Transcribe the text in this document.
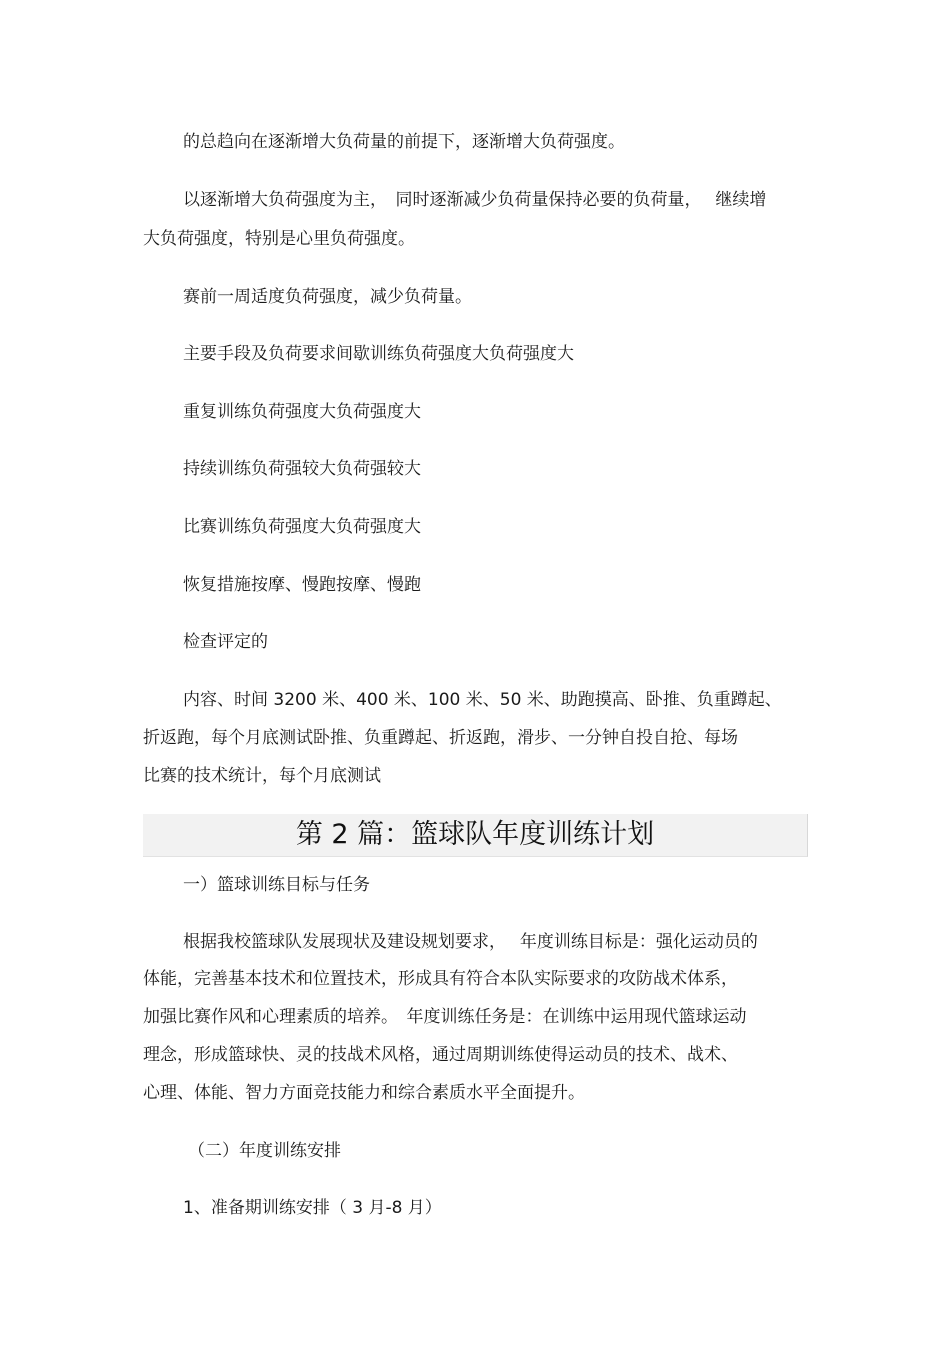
的总趋向在逐渐增大负荷量的前提下，逐渐增大负荷强度。
以逐渐增大负荷强度为主，　同时逐渐减少负荷量保持必要的负荷量，　 继续增
大负荷强度，特别是心里负荷强度。
赛前一周适度负荷强度，减少负荷量。
主要手段及负荷要求间歇训练负荷强度大负荷强度大
重复训练负荷强度大负荷强度大
持续训练负荷强较大负荷强较大
比赛训练负荷强度大负荷强度大
恢复措施按摩、慢跑按摩、慢跑
检查评定的
内容、时间 3200 米、400 米、100 米、50 米、助跑摸高、卧推、负重蹲起、
折返跑，每个月底测试卧推、负重蹲起、折返跑，滑步、一分钟自投自抢、每场
比赛的技术统计，每个月底测试
第 2 篇：篮球队年度训练计划
一）篮球训练目标与任务
根据我校篮球队发展现状及建设规划要求，　 年度训练目标是：强化运动员的
体能，完善基本技术和位置技术，形成具有符合本队实际要求的攻防战术体系，
加强比赛作风和心理素质的培养。　年度训练任务是：在训练中运用现代篮球运动
理念，形成篮球快、灵的技战术风格，通过周期训练使得运动员的技术、战术、
心理、体能、智力方面竞技能力和综合素质水平全面提升。
（二）年度训练安排
1、准备期训练安排（ 3 月-8 月）
